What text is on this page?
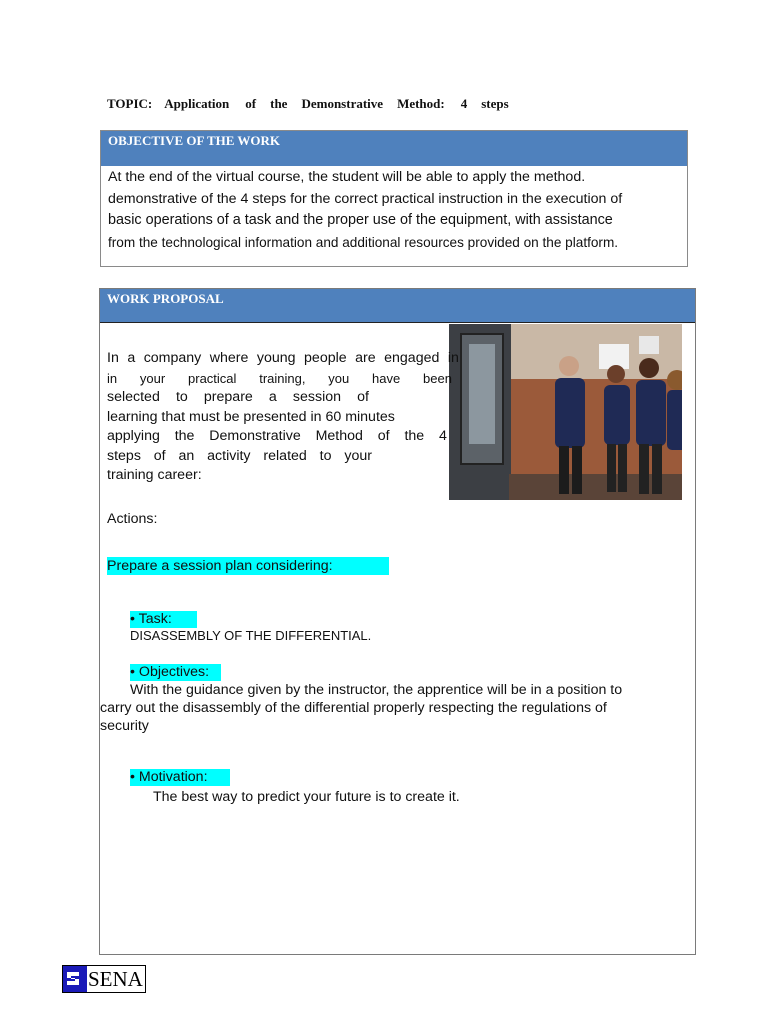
TOPIC: Application of the Demonstrative Method: 4 steps
OBJECTIVE OF THE WORK
At the end of the virtual course, the student will be able to apply the method.
demonstrative of the 4 steps for the correct practical instruction in the execution of
basic operations of a task and the proper use of the equipment, with assistance
from the technological information and additional resources provided on the platform.
WORK PROPOSAL
In a company where young people are engaged in
in your practical training, you have been
selected to prepare a session of
learning that must be presented in 60 minutes
applying the Demonstrative Method of the 4
steps of an activity related to your
training career:
Actions:
Prepare a session plan considering:
• Task:
DISASSEMBLY OF THE DIFFERENTIAL.
• Objectives:
With the guidance given by the instructor, the apprentice will be in a position to
carry out the disassembly of the differential properly respecting the regulations of
security
• Motivation:
The best way to predict your future is to create it.
SENA
